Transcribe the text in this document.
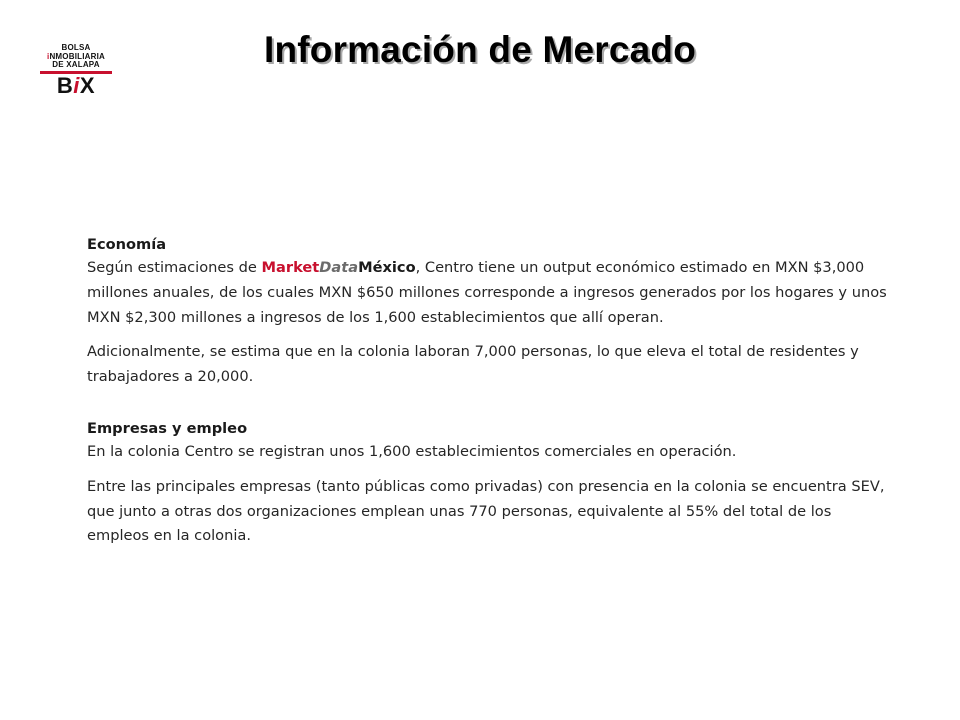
BOLSA
iNMOBILIARIA
DE XALAPA
BiX
Información de Mercado
Economía

Según estimaciones de MarketDataMéxico, Centro tiene un output económico estimado en MXN $3,000 millones anuales, de los cuales MXN $650 millones corresponde a ingresos generados por los hogares y unos MXN $2,300 millones a ingresos de los 1,600 establecimientos que allí operan.

Adicionalmente, se estima que en la colonia laboran 7,000 personas, lo que eleva el total de residentes y trabajadores a 20,000.

Empresas y empleo

En la colonia Centro se registran unos 1,600 establecimientos comerciales en operación.

Entre las principales empresas (tanto públicas como privadas) con presencia en la colonia se encuentra SEV, que junto a otras dos organizaciones emplean unas 770 personas, equivalente al 55% del total de los empleos en la colonia.
